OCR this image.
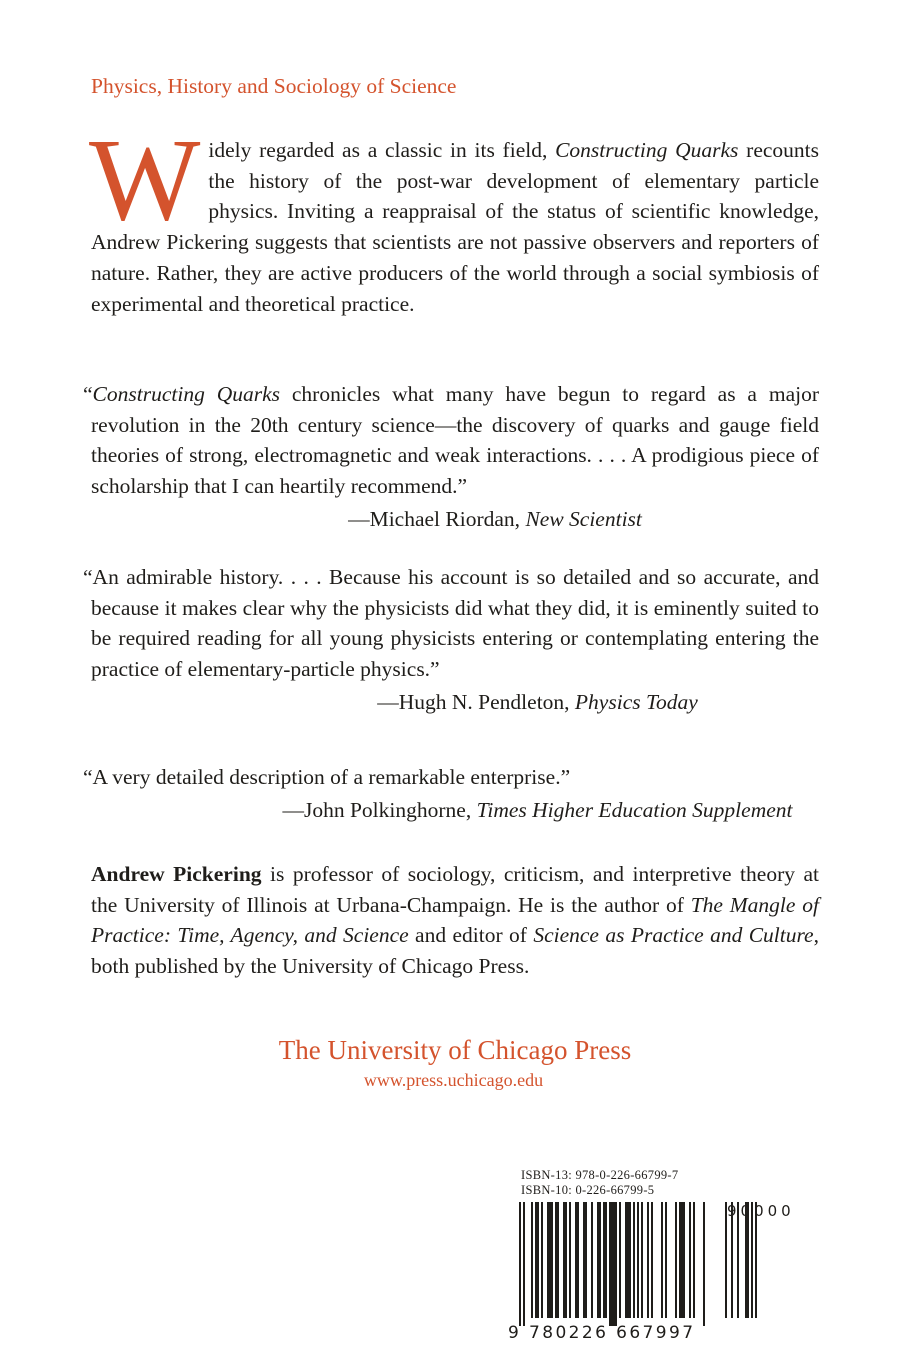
Physics, History and Sociology of Science
W idely regarded as a classic in its field, Constructing Quarks recounts the history of the post-war development of elementary particle physics. Inviting a reappraisal of the status of scientific knowledge, Andrew Pickering suggests that scientists are not passive observers and reporters of nature. Rather, they are active producers of the world through a social symbiosis of experimental and theoretical practice.
“Constructing Quarks chronicles what many have begun to regard as a major revolution in the 20th century science—the discovery of quarks and gauge field theories of strong, electromagnetic and weak interactions. . . . A prodigious piece of scholarship that I can heartily recommend.”
—Michael Riordan, New Scientist
“An admirable history. . . . Because his account is so detailed and so accurate, and because it makes clear why the physicists did what they did, it is eminently suited to be required reading for all young physicists entering or contemplating entering the practice of elementary-particle physics.”
—Hugh N. Pendleton, Physics Today
“A very detailed description of a remarkable enterprise.”
—John Polkinghorne, Times Higher Education Supplement
Andrew Pickering is professor of sociology, criticism, and interpretive theory at the University of Illinois at Urbana-Champaign. He is the author of The Mangle of Practice: Time, Agency, and Science and editor of Science as Practice and Culture, both published by the University of Chicago Press.
The University of Chicago Press
www.press.uchicago.edu
ISBN-13: 978-0-226-66799-7
ISBN-10: 0-226-66799-5
9 780226 667997
90000
